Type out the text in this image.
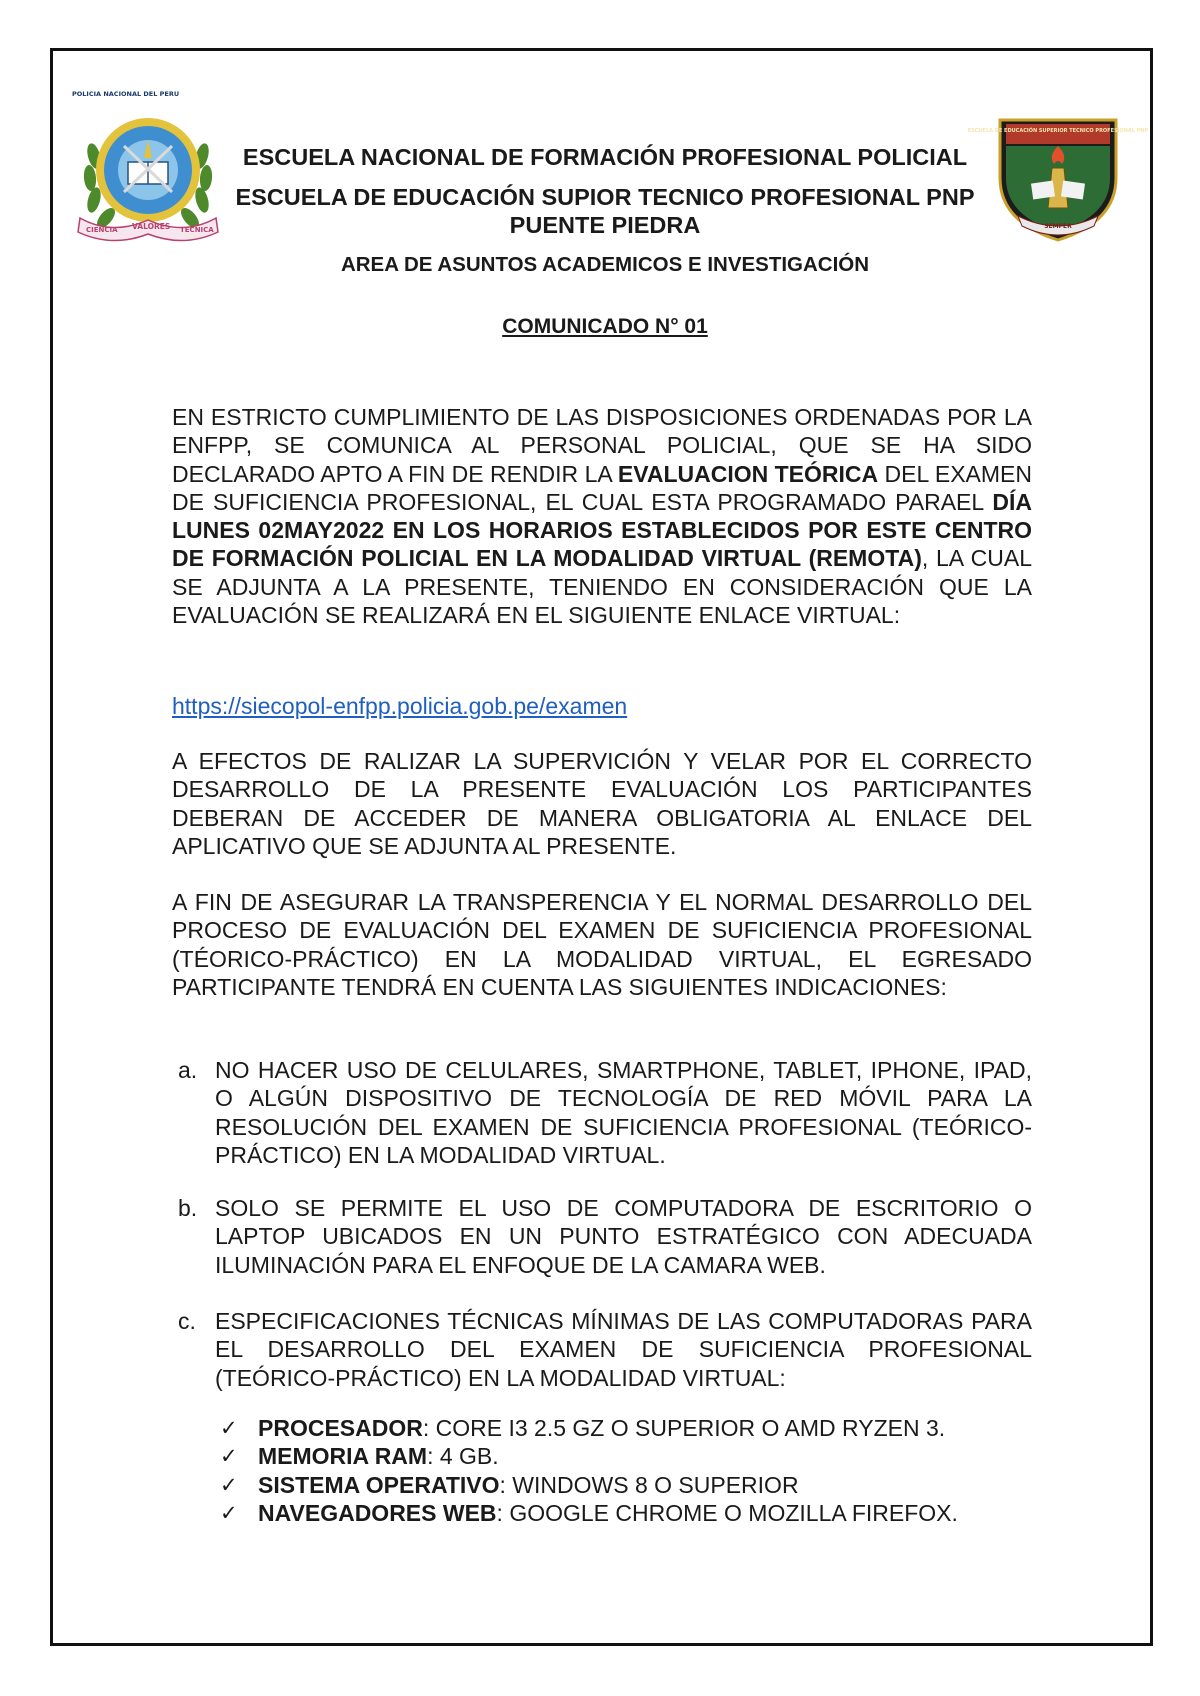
POLICIA NACIONAL DEL PERU
CIENCIA VALORES TECNICA
ESCUELA DE EDUCACIÓN SUPERIOR TECNICO PROFESIONAL PNP
SEMPER
ESCUELA NACIONAL DE FORMACIÓN PROFESIONAL POLICIAL
ESCUELA DE EDUCACIÓN SUPIOR TECNICO PROFESIONAL PNP
PUENTE PIEDRA
AREA DE ASUNTOS ACADEMICOS E INVESTIGACIÓN
COMUNICADO N° 01
EN ESTRICTO CUMPLIMIENTO DE LAS DISPOSICIONES ORDENADAS POR LA ENFPP, SE COMUNICA AL PERSONAL POLICIAL, QUE SE HA SIDO DECLARADO APTO A FIN DE RENDIR LA EVALUACION TEÓRICA DEL EXAMEN DE SUFICIENCIA PROFESIONAL, EL CUAL ESTA PROGRAMADO PARAEL DÍA LUNES 02MAY2022 EN LOS HORARIOS ESTABLECIDOS POR ESTE CENTRO DE FORMACIÓN POLICIAL EN LA MODALIDAD VIRTUAL (REMOTA), LA CUAL SE ADJUNTA A LA PRESENTE, TENIENDO EN CONSIDERACIÓN QUE LA EVALUACIÓN SE REALIZARÁ EN EL SIGUIENTE ENLACE VIRTUAL:
https://siecopol-enfpp.policia.gob.pe/examen
A EFECTOS DE RALIZAR LA SUPERVICIÓN Y VELAR POR EL CORRECTO DESARROLLO DE LA PRESENTE EVALUACIÓN LOS PARTICIPANTES DEBERAN DE ACCEDER DE MANERA OBLIGATORIA AL ENLACE DEL APLICATIVO QUE SE ADJUNTA AL PRESENTE.
A FIN DE ASEGURAR LA TRANSPERENCIA Y EL NORMAL DESARROLLO DEL PROCESO DE EVALUACIÓN DEL EXAMEN DE SUFICIENCIA PROFESIONAL (TÉORICO-PRÁCTICO) EN LA MODALIDAD VIRTUAL, EL EGRESADO PARTICIPANTE TENDRÁ EN CUENTA LAS SIGUIENTES INDICACIONES:
a. NO HACER USO DE CELULARES, SMARTPHONE, TABLET, IPHONE, IPAD, O ALGÚN DISPOSITIVO DE TECNOLOGÍA DE RED MÓVIL PARA LA RESOLUCIÓN DEL EXAMEN DE SUFICIENCIA PROFESIONAL (TEÓRICO-PRÁCTICO) EN LA MODALIDAD VIRTUAL.
b. SOLO SE PERMITE EL USO DE COMPUTADORA DE ESCRITORIO O LAPTOP UBICADOS EN UN PUNTO ESTRATÉGICO CON ADECUADA ILUMINACIÓN PARA EL ENFOQUE DE LA CAMARA WEB.
c. ESPECIFICACIONES TÉCNICAS MÍNIMAS DE LAS COMPUTADORAS PARA EL DESARROLLO DEL EXAMEN DE SUFICIENCIA PROFESIONAL (TEÓRICO-PRÁCTICO) EN LA MODALIDAD VIRTUAL:
✓ PROCESADOR: CORE I3 2.5 GZ O SUPERIOR O AMD RYZEN 3.
✓ MEMORIA RAM: 4 GB.
✓ SISTEMA OPERATIVO: WINDOWS 8 O SUPERIOR
✓ NAVEGADORES WEB: GOOGLE CHROME O MOZILLA FIREFOX.
